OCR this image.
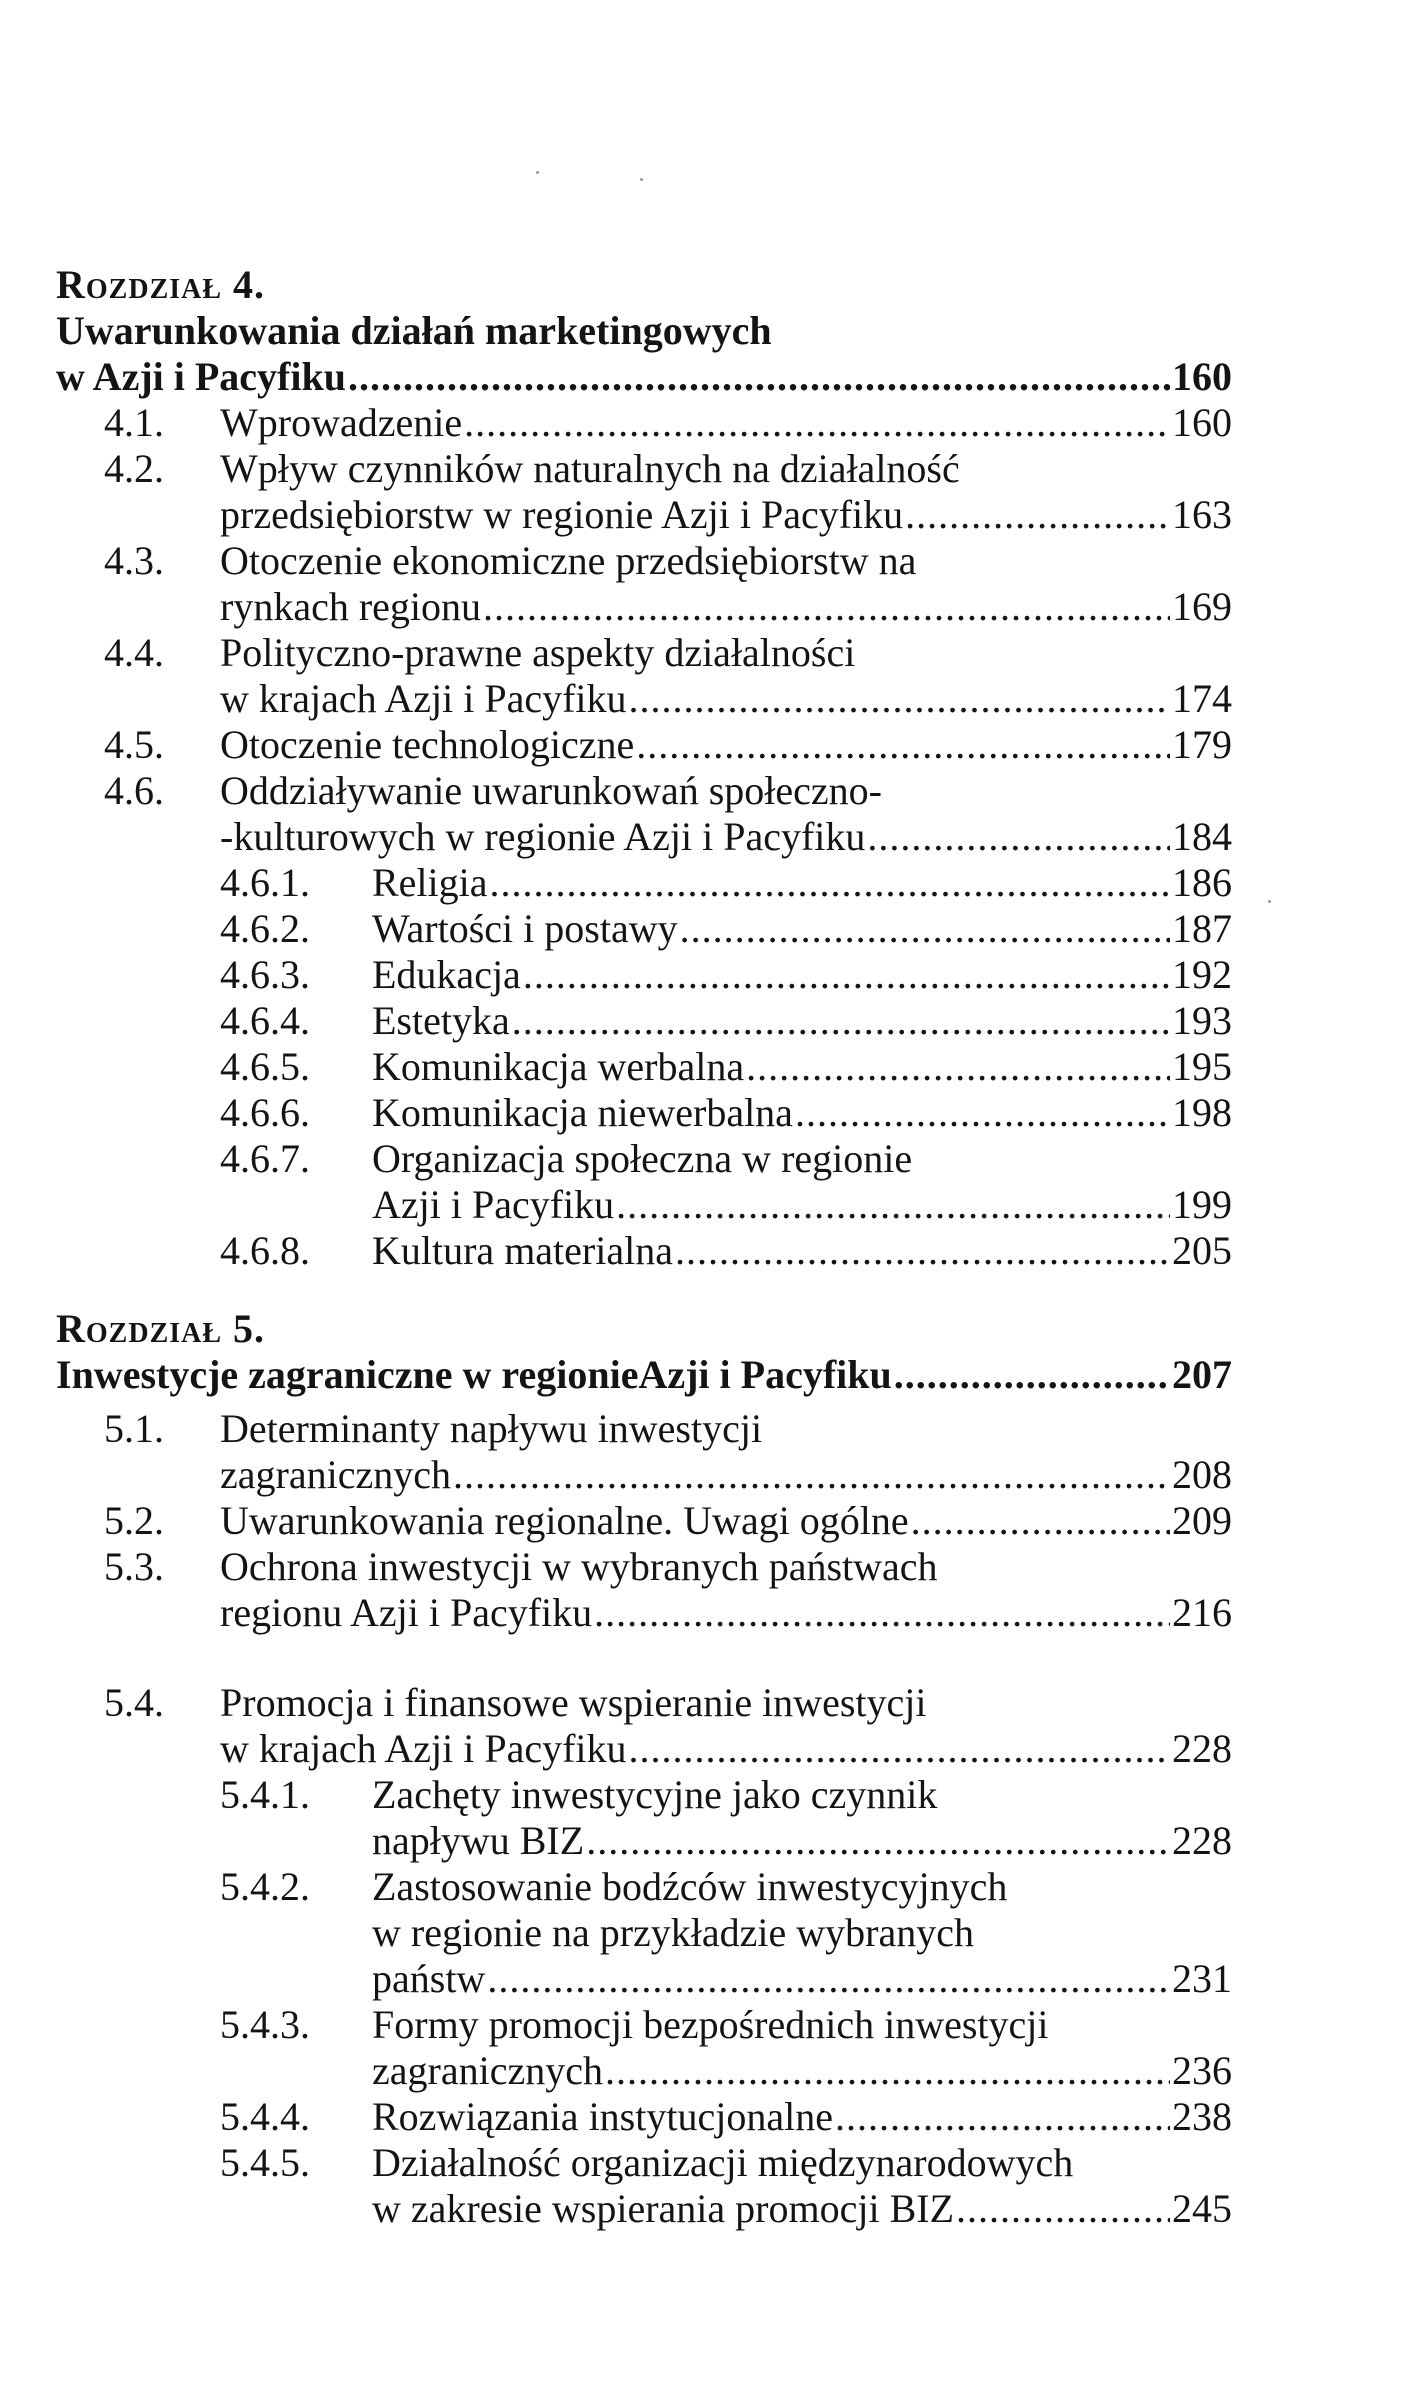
Rozdział 4.
Uwarunkowania działań marketingowych
w Azji i Pacyfiku .....	160
4.1. Wprowadzenie .....	160
4.2. Wpływ czynników naturalnych na działalność
przedsiębiorstw w regionie Azji i Pacyfiku .....	163
4.3. Otoczenie ekonomiczne przedsiębiorstw na
rynkach regionu .....	169
4.4. Polityczno-prawne aspekty działalności
w krajach Azji i Pacyfiku .....	174
4.5. Otoczenie technologiczne .....	179
4.6. Oddziaływanie uwarunkowań społeczno-
-kulturowych w regionie Azji i Pacyfiku .....	184
4.6.1. Religia .....	186
4.6.2. Wartości i postawy .....	187
4.6.3. Edukacja .....	192
4.6.4. Estetyka .....	193
4.6.5. Komunikacja werbalna .....	195
4.6.6. Komunikacja niewerbalna .....	198
4.6.7. Organizacja społeczna w regionie
Azji i Pacyfiku .....	199
4.6.8. Kultura materialna .....	205
Rozdział 5.
Inwestycje zagraniczne w regionieAzji i Pacyfiku .....	207
5.1. Determinanty napływu inwestycji
zagranicznych .....	208
5.2. Uwarunkowania regionalne. Uwagi ogólne .....	209
5.3. Ochrona inwestycji w wybranych państwach
regionu Azji i Pacyfiku .....	216
5.4. Promocja i finansowe wspieranie inwestycji
w krajach Azji i Pacyfiku .....	228
5.4.1. Zachęty inwestycyjne jako czynnik
napływu BIZ .....	228
5.4.2. Zastosowanie bodźców inwestycyjnych
w regionie na przykładzie wybranych
państw .....	231
5.4.3. Formy promocji bezpośrednich inwestycji
zagranicznych .....	236
5.4.4. Rozwiązania instytucjonalne .....	238
5.4.5. Działalność organizacji międzynarodowych
w zakresie wspierania promocji BIZ .....	245
